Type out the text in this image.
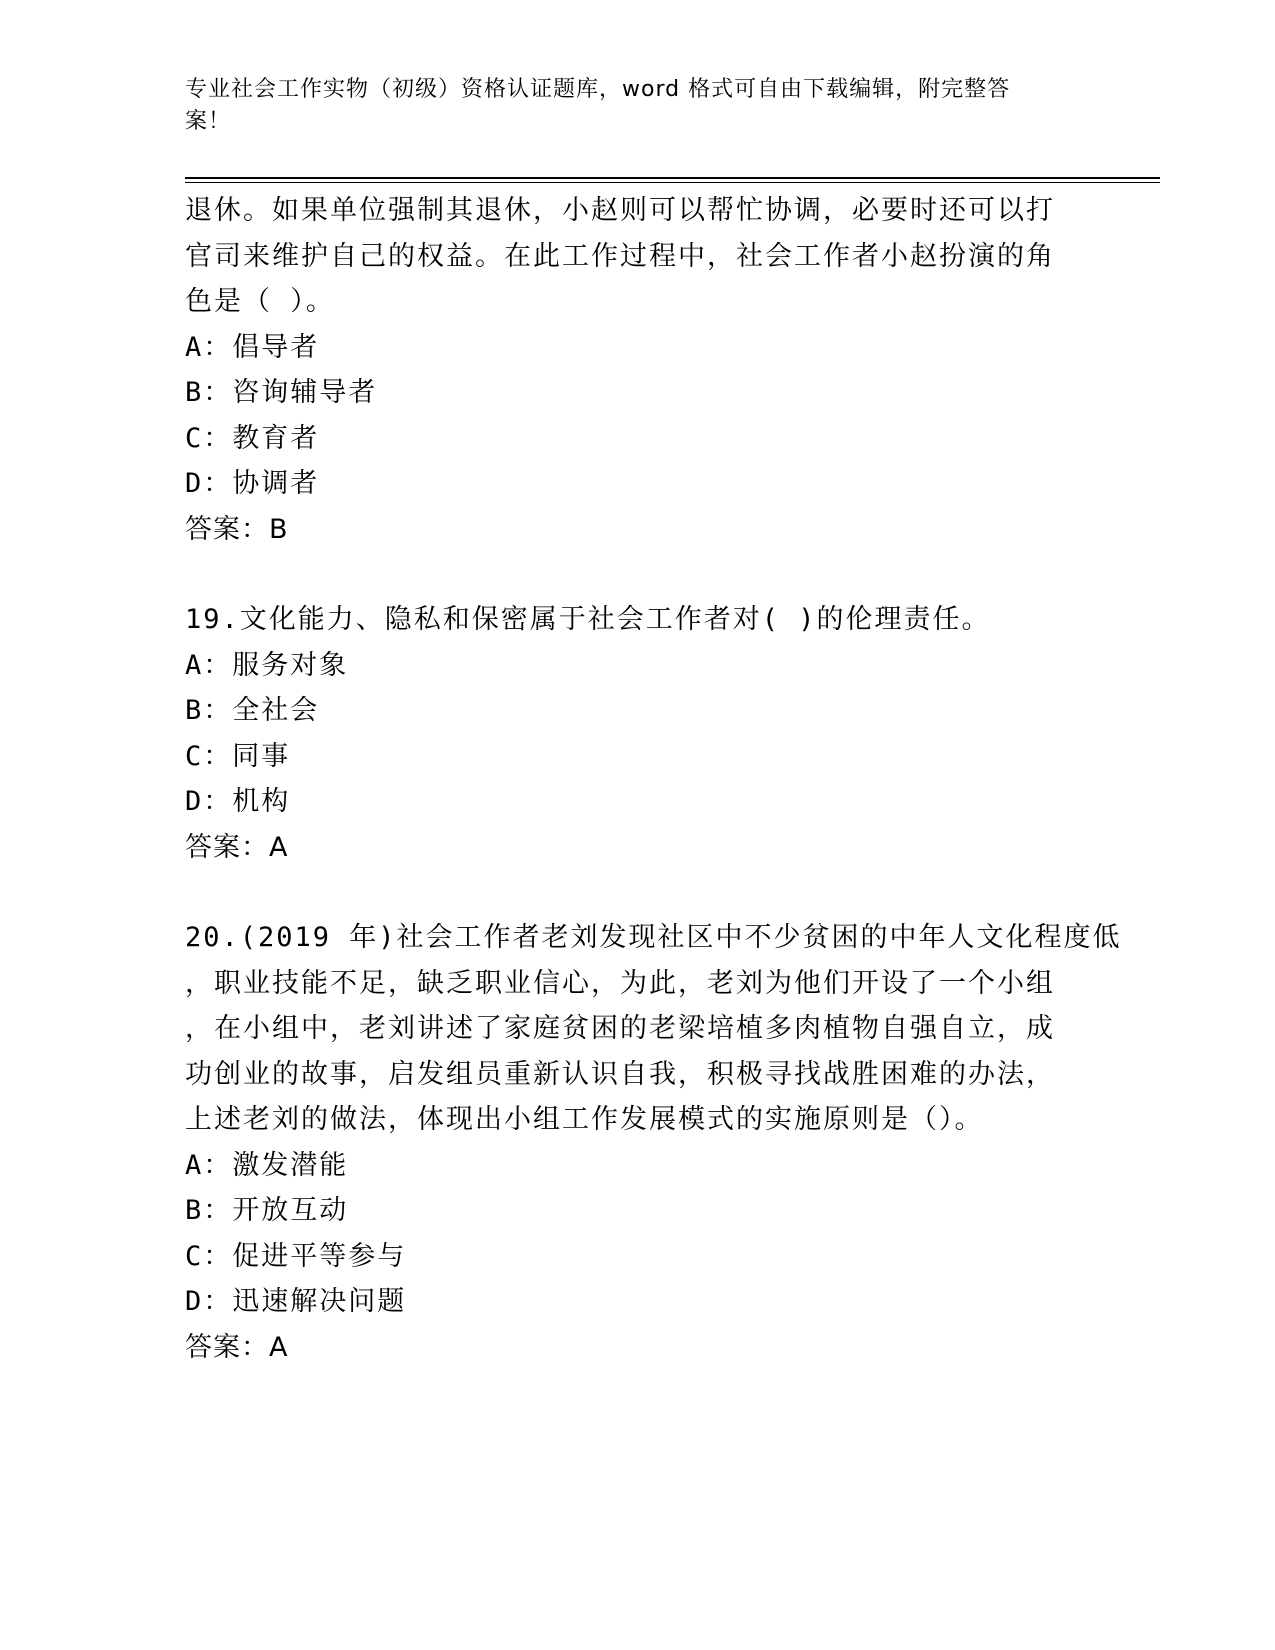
专业社会工作实物（初级）资格认证题库，word 格式可自由下载编辑，附完整答
案！
退休。如果单位强制其退休，小赵则可以帮忙协调，必要时还可以打
官司来维护自己的权益。在此工作过程中，社会工作者小赵扮演的角
色是（ ）。
A：倡导者
B：咨询辅导者
C：教育者
D：协调者
答案：B
19.文化能力、隐私和保密属于社会工作者对( )的伦理责任。
A：服务对象
B：全社会
C：同事
D：机构
答案：A
20.(2019 年)社会工作者老刘发现社区中不少贫困的中年人文化程度低
，职业技能不足，缺乏职业信心，为此，老刘为他们开设了一个小组
，在小组中，老刘讲述了家庭贫困的老梁培植多肉植物自强自立，成
功创业的故事，启发组员重新认识自我，积极寻找战胜困难的办法，
上述老刘的做法，体现出小组工作发展模式的实施原则是（）。
A：激发潜能
B：开放互动
C：促进平等参与
D：迅速解决问题
答案：A
